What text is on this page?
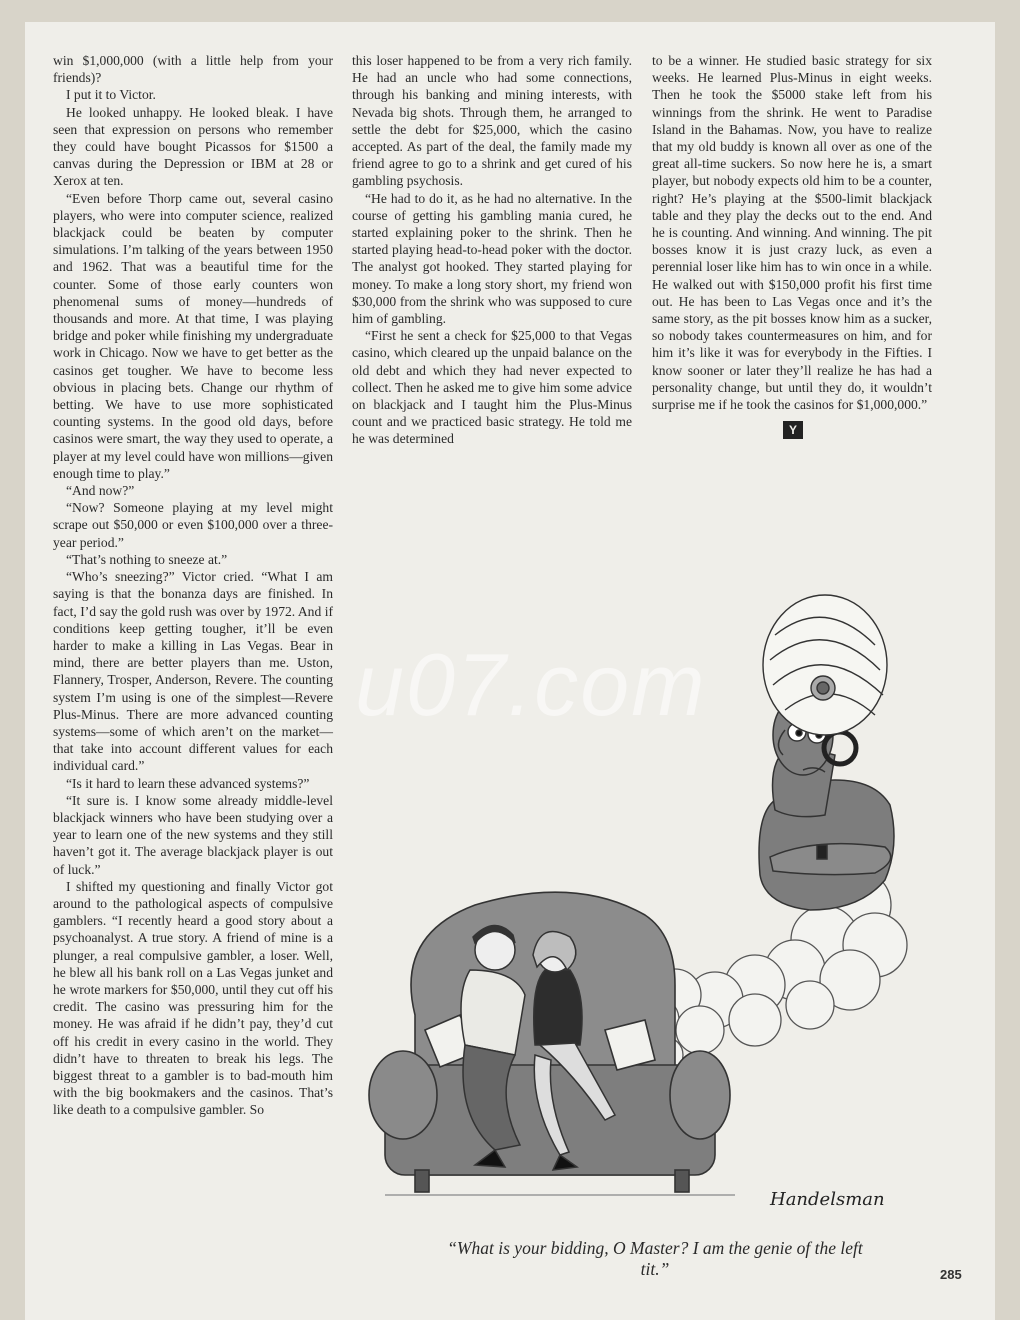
win $1,000,000 (with a little help from your friends)?

I put it to Victor.

He looked unhappy. He looked bleak. I have seen that expression on persons who remember they could have bought Picassos for $1500 a canvas during the Depression or IBM at 28 or Xerox at ten.

“Even before Thorp came out, several casino players, who were into computer science, realized blackjack could be beaten by computer simulations. I’m talking of the years between 1950 and 1962. That was a beautiful time for the counter. Some of those early counters won phenomenal sums of money—hundreds of thousands and more. At that time, I was playing bridge and poker while finishing my undergraduate work in Chicago. Now we have to get better as the casinos get tougher. We have to become less obvious in placing bets. Change our rhythm of betting. We have to use more sophisticated counting systems. In the good old days, before casinos were smart, the way they used to operate, a player at my level could have won millions—given enough time to play.”

“And now?”

“Now? Someone playing at my level might scrape out $50,000 or even $100,000 over a three-year period.”

“That’s nothing to sneeze at.”

“Who’s sneezing?” Victor cried. “What I am saying is that the bonanza days are finished. In fact, I’d say the gold rush was over by 1972. And if conditions keep getting tougher, it’ll be even harder to make a killing in Las Vegas. Bear in mind, there are better players than me. Uston, Flannery, Trosper, Anderson, Revere. The counting system I’m using is one of the simplest—Revere Plus-Minus. There are more advanced counting systems—some of which aren’t on the market—that take into account different values for each individual card.”

“Is it hard to learn these advanced systems?”

“It sure is. I know some already middle-level blackjack winners who have been studying over a year to learn one of the new systems and they still haven’t got it. The average blackjack player is out of luck.”

I shifted my questioning and finally Victor got around to the pathological aspects of compulsive gamblers. “I recently heard a good story about a psychoanalyst. A true story. A friend of mine is a plunger, a real compulsive gambler, a loser. Well, he blew all his bank roll on a Las Vegas junket and he wrote markers for $50,000, until they cut off his credit. The casino was pressuring him for the money. He was afraid if he didn’t pay, they’d cut off his credit in every casino in the world. They didn’t have to threaten to break his legs. The biggest threat to a gambler is to bad-mouth him with the big bookmakers and the casinos. That’s like death to a compulsive gambler. So

this loser happened to be from a very rich family. He had an uncle who had some connections, through his banking and mining interests, with Nevada big shots. Through them, he arranged to settle the debt for $25,000, which the casino accepted. As part of the deal, the family made my friend agree to go to a shrink and get cured of his gambling psychosis.

“He had to do it, as he had no alternative. In the course of getting his gambling mania cured, he started explaining poker to the shrink. Then he started playing head-to-head poker with the doctor. The analyst got hooked. They started playing for money. To make a long story short, my friend won $30,000 from the shrink who was supposed to cure him of gambling.

“First he sent a check for $25,000 to that Vegas casino, which cleared up the unpaid balance on the old debt and which they had never expected to collect. Then he asked me to give him some advice on blackjack and I taught him the Plus-Minus count and we practiced basic strategy. He told me he was determined

to be a winner. He studied basic strategy for six weeks. He learned Plus-Minus in eight weeks. Then he took the $5000 stake left from his winnings from the shrink. He went to Paradise Island in the Bahamas. Now, you have to realize that my old buddy is known all over as one of the great all-time suckers. So now here he is, a smart player, but nobody expects old him to be a counter, right? He’s playing at the $500-limit blackjack table and they play the decks out to the end. And he is counting. And winning. And winning. The pit bosses know it is just crazy luck, as even a perennial loser like him has to win once in a while. He walked out with $150,000 profit his first time out. He has been to Las Vegas once and it’s the same story, as the pit bosses know him as a sucker, so nobody takes countermeasures on him, and for him it’s like it was for everybody in the Fifties. I know sooner or later they’ll realize he has had a personality change, but until they do, it wouldn’t surprise me if he took the casinos for $1,000,000.”

Y
Handelsman
u07.com
“What is your bidding, O Master? I am the genie of the left tit.”	285
